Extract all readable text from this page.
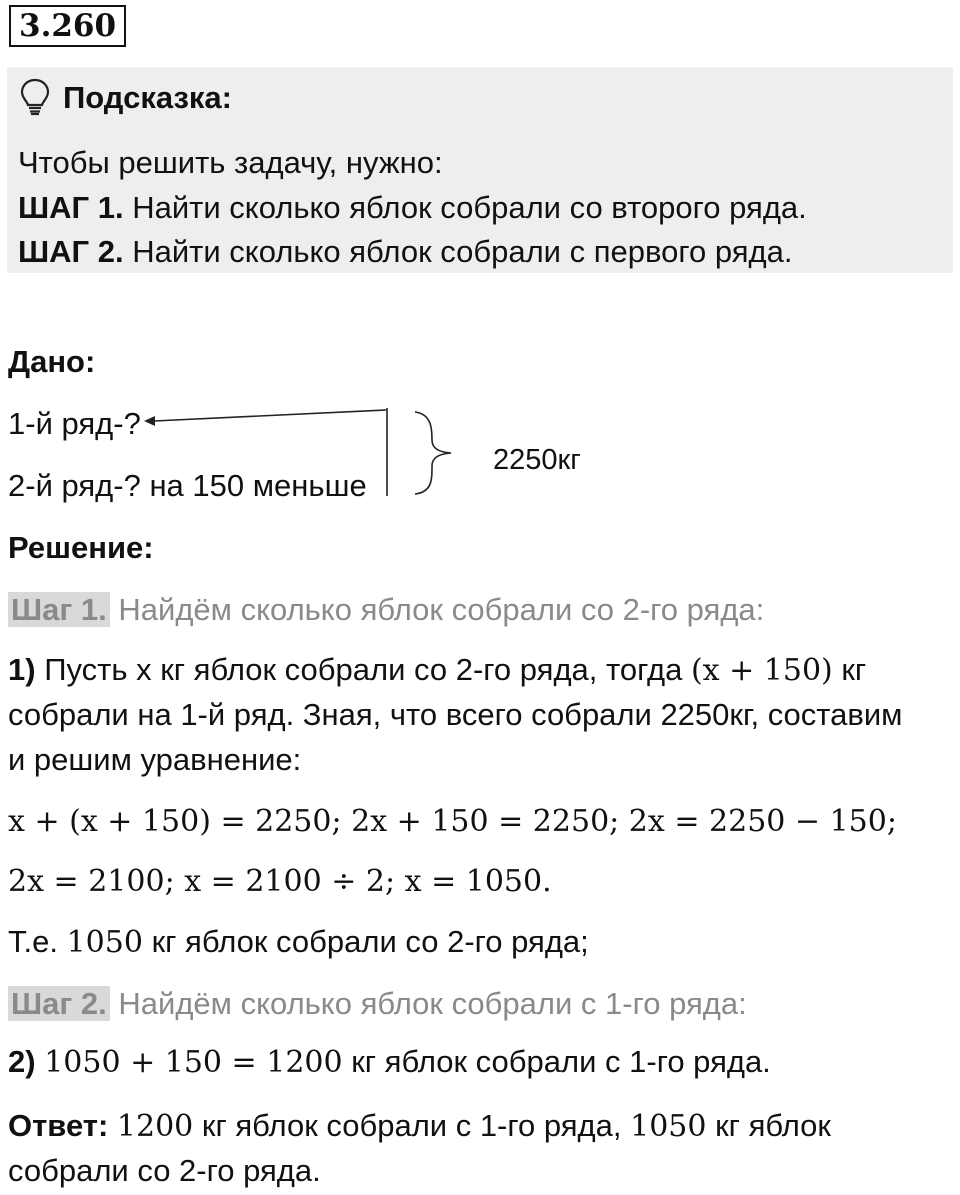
3.260
Подсказка:
Чтобы решить задачу, нужно:
ШАГ 1. Найти сколько яблок собрали со второго ряда.
ШАГ 2. Найти сколько яблок собрали с первого ряда.
Дано:
1-й ряд-?
2-й ряд-? на 150 меньше
2250кг
Решение:
Шаг 1. Найдём сколько яблок собрали со 2-го ряда:
1) Пусть x кг яблок собрали со 2-го ряда, тогда (x + 150) кг
собрали на 1-й ряд. Зная, что всего собрали 2250кг, составим
и решим уравнение:
x + (x + 150) = 2250; 2x + 150 = 2250; 2x = 2250 − 150;
2x = 2100; x = 2100 ÷ 2; x = 1050.
Т.е. 1050 кг яблок собрали со 2-го ряда;
Шаг 2. Найдём сколько яблок собрали с 1-го ряда:
2) 1050 + 150 = 1200 кг яблок собрали с 1-го ряда.
Ответ: 1200 кг яблок собрали с 1-го ряда, 1050 кг яблок
собрали со 2-го ряда.
